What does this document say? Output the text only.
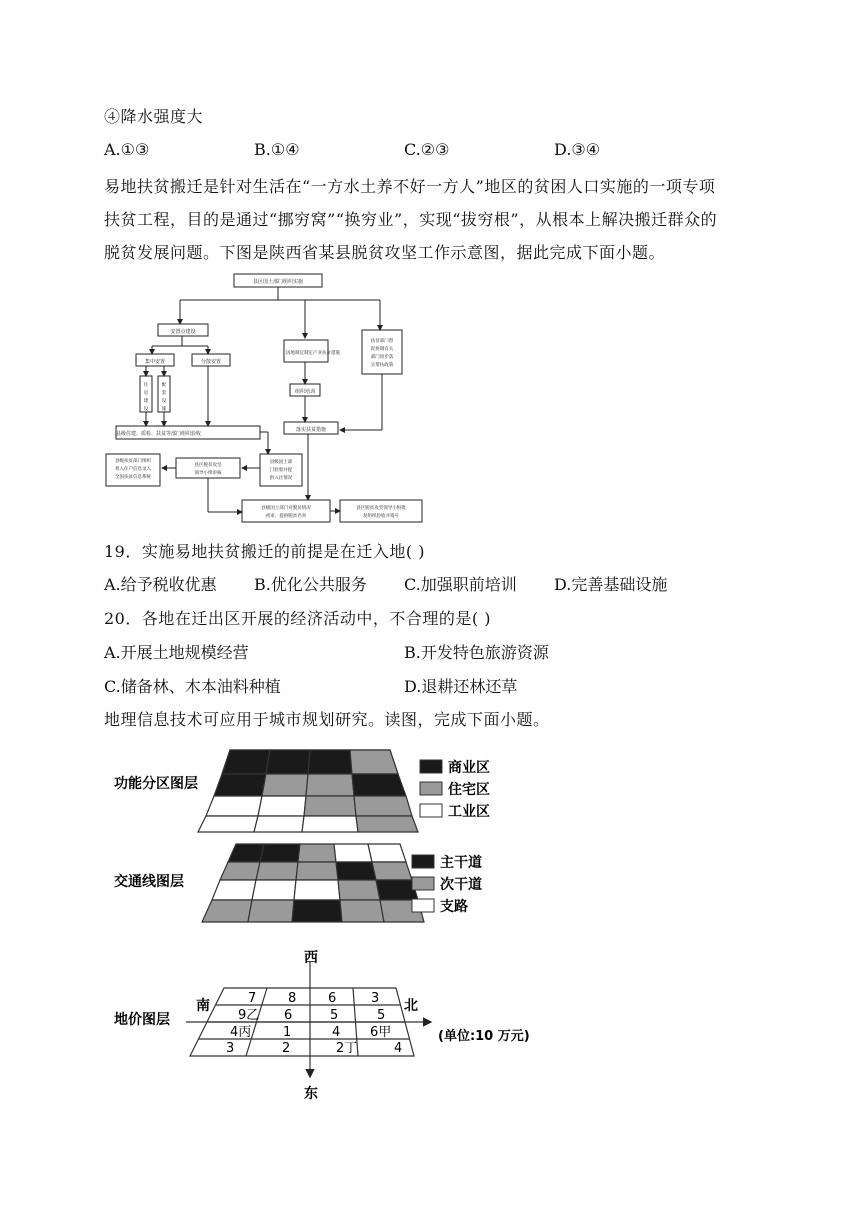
④降水强度大
A.①③	B.①④	C.②③	D.③④
易地扶贫搬迁是针对生活在“一方水土养不好一方人”地区的贫困人口实施的一项专项
扶贫工程，目的是通过“挪穷窝”“换穷业”，实现“拔穷根”，从根本上解决搬迁群众的
脱贫发展问题。下图是陕西省某县脱贫攻坚工作示意图，据此完成下面小题。
县区国土部门组织实施
安置点建设
集中安置	分散安置
县级住建、质检、扶贫等部门组织验收
因地制宜制定产业扶贫措施
组织培训
落实扶贫措施
扶贫部门督
促协调有关
部门同步落
实帮扶政策
住
房
建
设
配
套
设
施
县级国土部
门验收并提
供入住情况
县区脱贫攻坚
领导小组审核
县级扶贫部门组织
将入住户信息录入
全国扶贫信息系统
县级国土部门对脱贫情况
初审，提供脱贫名单
县区脱贫攻坚领导小组批
复组织验收并销号
19．实施易地扶贫搬迁的前提是在迁入地( )
A.给予税收优惠 B.优化公共服务 C.加强职前培训 D.完善基础设施
20．各地在迁出区开展的经济活动中，不合理的是( )
A.开展土地规模经营	B.开发特色旅游资源
C.储备林、木本油料种植	D.退耕还林还草
地理信息技术可应用于城市规划研究。读图，完成下面小题。
功能分区图层
商业区
住宅区
工业区
交通线图层
主干道
次干道
支路
地价图层
西
东
南	北
(单位:10 万元)
7 8 6	3
9乙 6	5	5
4丙 1	4 6甲
3	2	2丁	4
